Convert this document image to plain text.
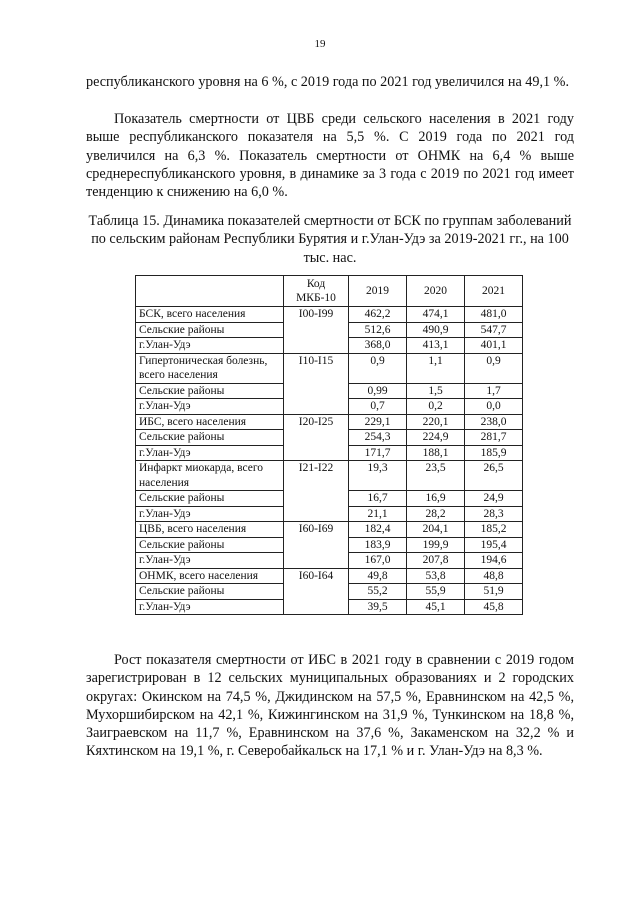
19

республиканского уровня на 6 %, с 2019 года по 2021 год увеличился на 49,1 %.

Показатель смертности от ЦВБ среди сельского населения в 2021 году выше республиканского показателя на 5,5 %. С 2019 года по 2021 год увеличился на 6,3 %. Показатель смертности от ОНМК на 6,4 % выше среднереспубликанского уровня, в динамике за 3 года с 2019 по 2021 год имеет тенденцию к снижению на 6,0 %.

Таблица 15. Динамика показателей смертности от БСК по группам заболеваний по сельским районам Республики Бурятия и г.Улан-Удэ за 2019-2021 гг., на 100 тыс. нас.

	Код МКБ-10	2019	2020	2021
БСК, всего населения	I00-I99	462,2	474,1	481,0
Сельские районы		512,6	490,9	547,7
г.Улан-Удэ		368,0	413,1	401,1
Гипертоническая болезнь, всего населения	I10-I15	0,9	1,1	0,9
Сельские районы		0,99	1,5	1,7
г.Улан-Удэ		0,7	0,2	0,0
ИБС, всего населения	I20-I25	229,1	220,1	238,0
Сельские районы		254,3	224,9	281,7
г.Улан-Удэ		171,7	188,1	185,9
Инфаркт миокарда, всего населения	I21-I22	19,3	23,5	26,5
Сельские районы		16,7	16,9	24,9
г.Улан-Удэ		21,1	28,2	28,3
ЦВБ, всего населения	I60-I69	182,4	204,1	185,2
Сельские районы		183,9	199,9	195,4
г.Улан-Удэ		167,0	207,8	194,6
ОНМК, всего населения	I60-I64	49,8	53,8	48,8
Сельские районы		55,2	55,9	51,9
г.Улан-Удэ		39,5	45,1	45,8

Рост показателя смертности от ИБС в 2021 году в сравнении с 2019 годом зарегистрирован в 12 сельских муниципальных образованиях и 2 городских округах: Окинском на 74,5 %, Джидинском на 57,5 %, Еравнинском на 42,5 %, Мухоршибирском на 42,1 %, Кижингинском на 31,9 %, Тункинском на 18,8 %, Заиграевском на 11,7 %, Еравнинском на 37,6 %, Закаменском на 32,2 % и Кяхтинском на 19,1 %, г. Северобайкальск на 17,1 % и г. Улан-Удэ на 8,3 %.
